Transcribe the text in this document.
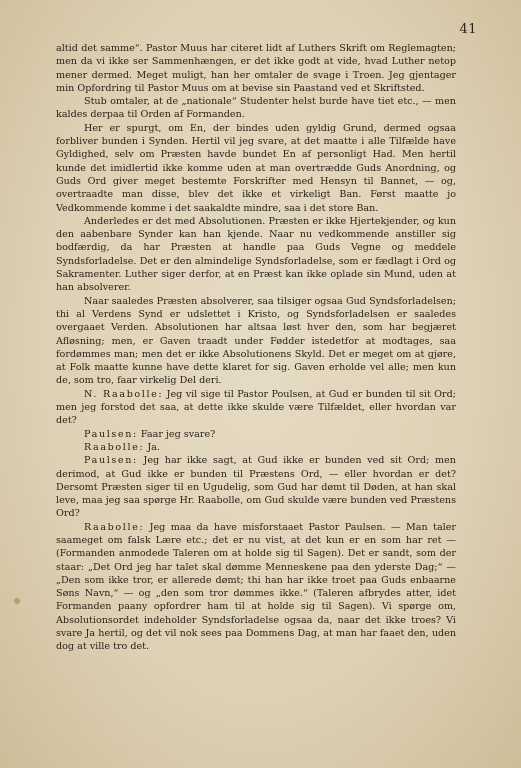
41

altid det samme“. Pastor Muus har citeret lidt af Luthers Skrift om Reglemagten; men da vi ikke ser Sammenhængen, er det ikke godt at vide, hvad Luther netop mener dermed. Meget muligt, han her omtaler de svage i Troen. Jeg gjentager min Opfordring til Pastor Muus om at bevise sin Paastand ved et Skriftsted.

Stub omtaler, at de „nationale“ Studenter helst burde have tiet etc., — men kaldes derpaa til Orden af Formanden.

Her er spurgt, om En, der bindes uden gyldig Grund, dermed ogsaa forbliver bunden i Synden. Hertil vil jeg svare, at det maatte i alle Tilfælde have Gyldighed, selv om Præsten havde bundet En af personligt Had. Men hertil kunde det imidlertid ikke komme uden at man overtrædde Guds Anordning, og Guds Ord giver meget bestemte Forskrifter med Hensyn til Bannet, — og, overtraadte man disse, blev det ikke et virkeligt Ban. Først maatte jo Vedkommende komme i det saakaldte mindre, saa i det store Ban.

Anderledes er det med Absolutionen. Præsten er ikke Hjertekjender, og kun den aabenbare Synder kan han kjende. Naar nu vedkommende anstiller sig bodfærdig, da har Præsten at handle paa Guds Vegne og meddele Syndsforladelse. Det er den almindelige Syndsforladelse, som er fædlagt i Ord og Sakramenter. Luther siger derfor, at en Præst kan ikke oplade sin Mund, uden at han absolverer.

Naar saaledes Præsten absolverer, saa tilsiger ogsaa Gud Syndsforladelsen; thi al Verdens Synd er udslettet i Kristo, og Syndsforladelsen er saaledes overgaaet Verden. Absolutionen har altsaa løst hver den, som har begjæret Afløsning; men, er Gaven traadt under Fødder istedetfor at modtages, saa fordømmes man; men det er ikke Absolutionens Skyld. Det er meget om at gjøre, at Folk maatte kunne have dette klaret for sig. Gaven erholde vel alle; men kun de, som tro, faar virkelig Del deri.

N. Raabolle: Jeg vil sige til Pastor Poulsen, at Gud er bunden til sit Ord; men jeg forstod det saa, at dette ikke skulde være Tilfældet, eller hvordan var det?

Paulsen: Faar jeg svare?

Raabolle: Ja.

Paulsen: Jeg har ikke sagt, at Gud ikke er bunden ved sit Ord; men derimod, at Gud ikke er bunden til Præstens Ord, — eller hvordan er det? Dersomt Præsten siger til en Ugudelig, som Gud har dømt til Døden, at han skal leve, maa jeg saa spørge Hr. Raabolle, om Gud skulde være bunden ved Præstens Ord?

Raabolle: Jeg maa da have misforstaaet Pastor Paulsen. — Man taler saameget om falsk Lære etc.; det er nu vist, at det kun er en som har ret — (Formanden anmodede Taleren om at holde sig til Sagen). Det er sandt, som der staar: „Det Ord jeg har talet skal dømme Menneskene paa den yderste Dag;“ — „Den som ikke tror, er allerede dømt; thi han har ikke troet paa Guds enbaarne Søns Navn,“ — og „den som tror dømmes ikke.“ (Taleren afbrydes atter, idet Formanden paany opfordrer ham til at holde sig til Sagen). Vi spørge om, Absolutionsordet indeholder Syndsforladelse ogsaa da, naar det ikke troes? Vi svare Ja hertil, og det vil nok sees paa Dommens Dag, at man har faaet den, uden dog at ville tro det.
